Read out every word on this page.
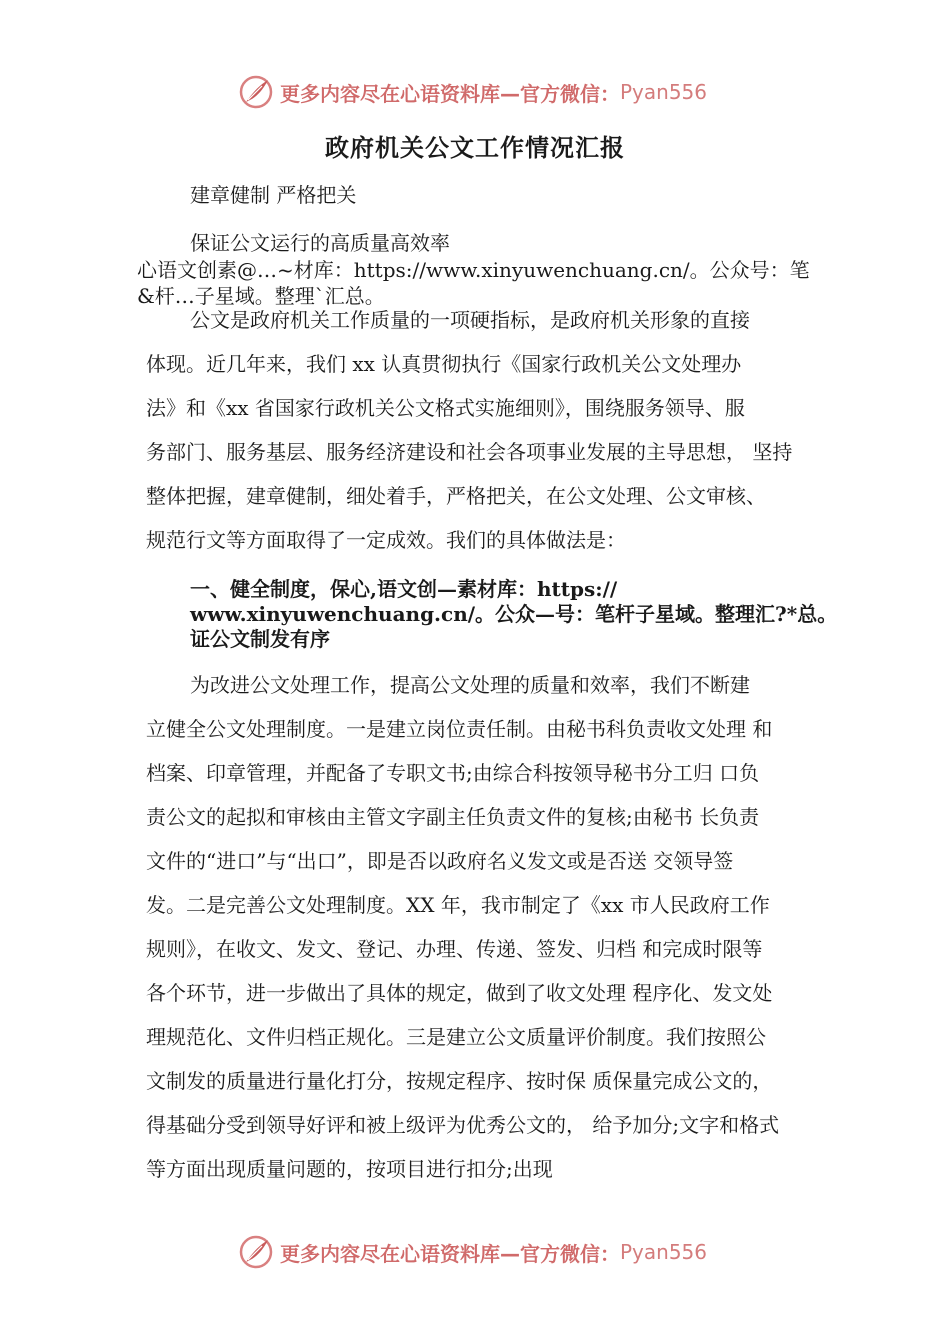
更多内容尽在心语资料库—官方微信： Pyan556
政府机关公文工作情况汇报
建章健制 严格把关
保证公文运行的高质量高效率
心语文创素@…~材库：https://www.xinyuwenchuang.cn/。公众号：笔
&杆…子星域。整理`汇总。
公文是政府机关工作质量的一项硬指标，是政府机关形象的直接
体现。近几年来，我们 xx 认真贯彻执行《国家行政机关公文处理办
法》和《xx 省国家行政机关公文格式实施细则》，围绕服务领导、服
务部门、服务基层、服务经济建设和社会各项事业发展的主导思想， 坚持
整体把握，建章健制，细处着手，严格把关，在公文处理、公文审核、
规范行文等方面取得了一定成效。我们的具体做法是：
一、健全制度，保心,语文创—素材库：https://
www.xinyuwenchuang.cn/。公众—号：笔杆子星域。整理汇?*总。
证公文制发有序
为改进公文处理工作，提高公文处理的质量和效率，我们不断建
立健全公文处理制度。一是建立岗位责任制。由秘书科负责收文处理 和
档案、印章管理，并配备了专职文书;由综合科按领导秘书分工归 口负
责公文的起拟和审核由主管文字副主任负责文件的复核;由秘书 长负责
文件的“进口”与“出口”，即是否以政府名义发文或是否送 交领导签
发。二是完善公文处理制度。XX 年，我市制定了《xx 市人民政府工作
规则》，在收文、发文、登记、办理、传递、签发、归档 和完成时限等
各个环节，进一步做出了具体的规定，做到了收文处理 程序化、发文处
理规范化、文件归档正规化。三是建立公文质量评价制度。我们按照公
文制发的质量进行量化打分，按规定程序、按时保 质保量完成公文的，
得基础分受到领导好评和被上级评为优秀公文的， 给予加分;文字和格式
等方面出现质量问题的，按项目进行扣分;出现
更多内容尽在心语资料库—官方微信： Pyan556
